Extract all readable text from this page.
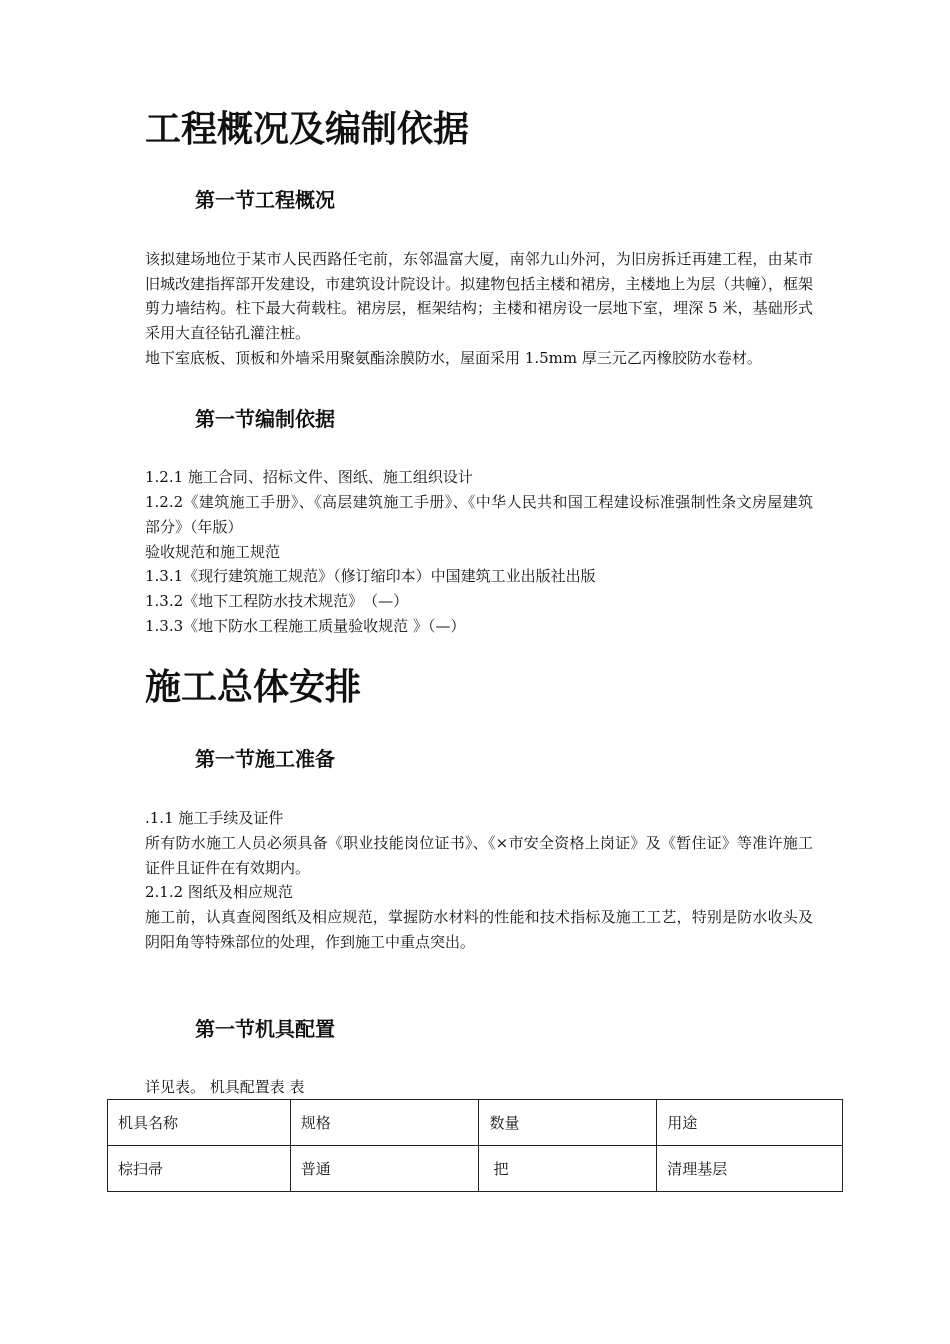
工程概况及编制依据
第一节工程概况
该拟建场地位于某市人民西路任宅前，东邻温富大厦，南邻九山外河，为旧房拆迁再建工程，由某市旧城改建指挥部开发建设，市建筑设计院设计。拟建物包括主楼和裙房，主楼地上为层（共幢），框架剪力墙结构。柱下最大荷载柱。裙房层，框架结构；主楼和裙房设一层地下室，埋深 5 米，基础形式采用大直径钻孔灌注桩。
地下室底板、顶板和外墙采用聚氨酯涂膜防水，屋面采用 1.5mm 厚三元乙丙橡胶防水卷材。
第一节编制依据
1.2.1 施工合同、招标文件、图纸、施工组织设计
1.2.2《建筑施工手册》、《高层建筑施工手册》、《中华人民共和国工程建设标准强制性条文房屋建筑部分》（年版）
验收规范和施工规范
1.3.1《现行建筑施工规范》（修订缩印本）中国建筑工业出版社出版
1.3.2《地下工程防水技术规范》　（—）
1.3.3《地下防水工程施工质量验收规范 》（—）
施工总体安排
第一节施工准备
.1.1 施工手续及证件
所有防水施工人员必须具备《职业技能岗位证书》、《×市安全资格上岗证》及《暂住证》等准许施工证件且证件在有效期内。
2.1.2 图纸及相应规范
施工前，认真查阅图纸及相应规范，掌握防水材料的性能和技术指标及施工工艺，特别是防水收头及阴阳角等特殊部位的处理，作到施工中重点突出。
第一节机具配置
详见表。 机具配置表 表
机具名称	规格	数量	用途
棕扫帚	普通	把	清理基层
